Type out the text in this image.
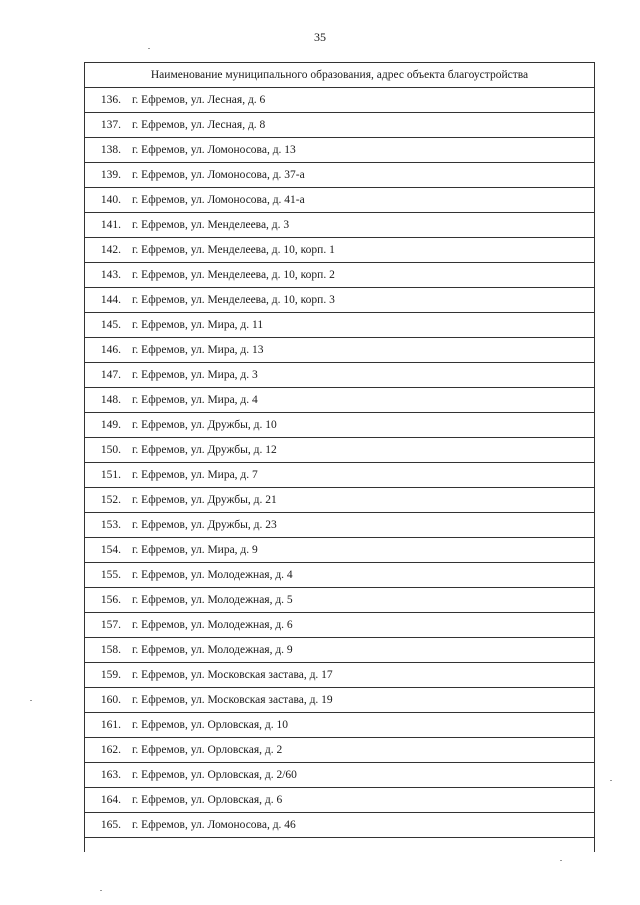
35
Наименование муниципального образования, адрес объекта благоустройства
136. г. Ефремов, ул. Лесная, д. 6
137. г. Ефремов, ул. Лесная, д. 8
138. г. Ефремов, ул. Ломоносова, д. 13
139. г. Ефремов, ул. Ломоносова, д. 37-а
140. г. Ефремов, ул. Ломоносова, д. 41-а
141. г. Ефремов, ул. Менделеева, д. 3
142. г. Ефремов, ул. Менделеева, д. 10, корп. 1
143. г. Ефремов, ул. Менделеева, д. 10, корп. 2
144. г. Ефремов, ул. Менделеева, д. 10, корп. 3
145. г. Ефремов, ул. Мира, д. 11
146. г. Ефремов, ул. Мира, д. 13
147. г. Ефремов, ул. Мира, д. 3
148. г. Ефремов, ул. Мира, д. 4
149. г. Ефремов, ул. Дружбы, д. 10
150. г. Ефремов, ул. Дружбы, д. 12
151. г. Ефремов, ул. Мира, д. 7
152. г. Ефремов, ул. Дружбы, д. 21
153. г. Ефремов, ул. Дружбы, д. 23
154. г. Ефремов, ул. Мира, д. 9
155. г. Ефремов, ул. Молодежная, д. 4
156. г. Ефремов, ул. Молодежная, д. 5
157. г. Ефремов, ул. Молодежная, д. 6
158. г. Ефремов, ул. Молодежная, д. 9
159. г. Ефремов, ул. Московская застава, д. 17
160. г. Ефремов, ул. Московская застава, д. 19
161. г. Ефремов, ул. Орловская, д. 10
162. г. Ефремов, ул. Орловская, д. 2
163. г. Ефремов, ул. Орловская, д. 2/60
164. г. Ефремов, ул. Орловская, д. 6
165. г. Ефремов, ул. Ломоносова, д. 46
